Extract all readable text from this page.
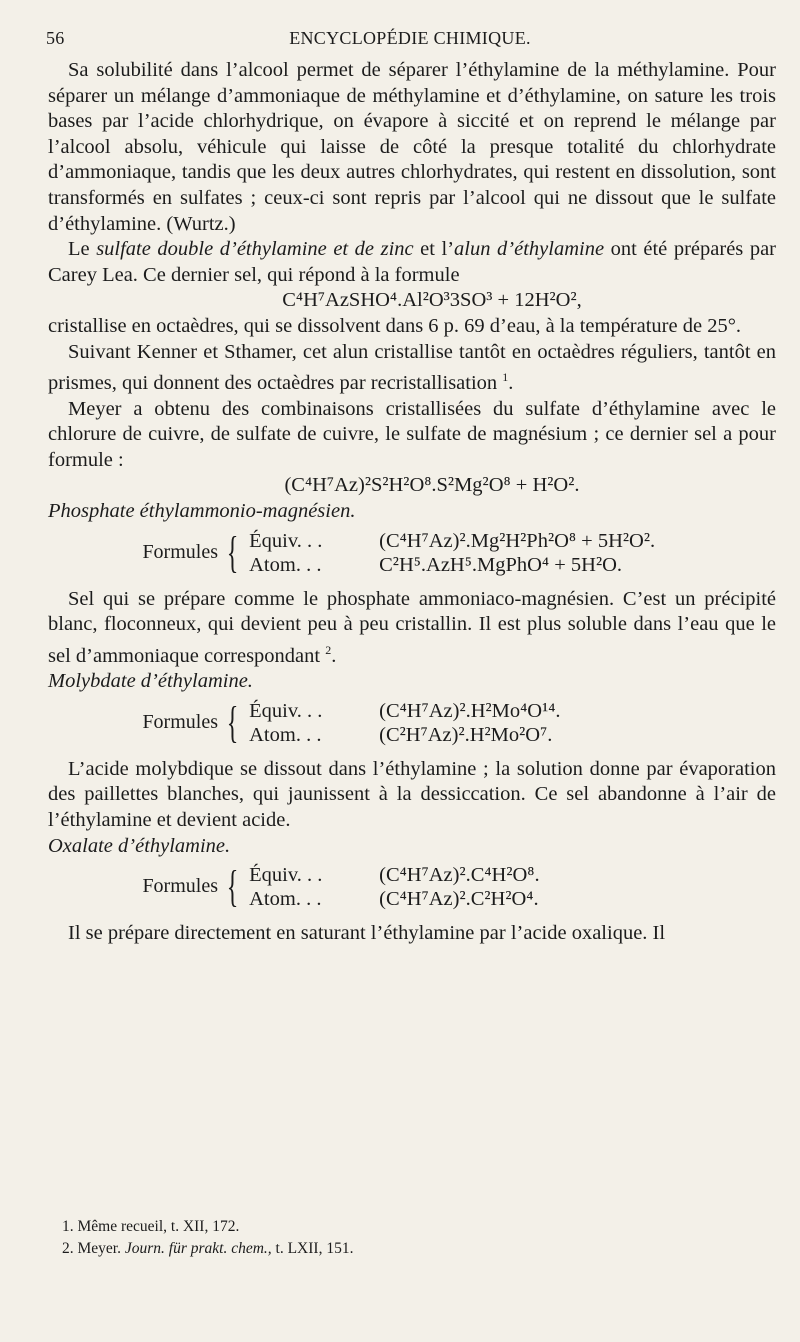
56	ENCYCLOPÉDIE CHIMIQUE.

Sa solubilité dans l’alcool permet de séparer l’éthylamine de la méthylamine. Pour séparer un mélange d’ammoniaque de méthylamine et d’éthylamine, on sature les trois bases par l’acide chlorhydrique, on évapore à siccité et on reprend le mélange par l’alcool absolu, véhicule qui laisse de côté la presque totalité du chlorhydrate d’ammoniaque, tandis que les deux autres chlorhydrates, qui restent en dissolution, sont transformés en sulfates ; ceux-ci sont repris par l’alcool qui ne dissout que le sulfate d’éthylamine. (Wurtz.)

Le sulfate double d’éthylamine et de zinc et l’alun d’éthylamine ont été préparés par Carey Lea. Ce dernier sel, qui répond à la formule

C⁴H⁷AzSHO⁴.Al²O³3SO³ + 12H²O²,

cristallise en octaèdres, qui se dissolvent dans 6 p. 69 d’eau, à la température de 25°.

Suivant Kenner et Sthamer, cet alun cristallise tantôt en octaèdres réguliers, tantôt en prismes, qui donnent des octaèdres par recristallisation $^1$.

Meyer a obtenu des combinaisons cristallisées du sulfate d’éthylamine avec le chlorure de cuivre, de sulfate de cuivre, le sulfate de magnésium ; ce dernier sel a pour formule :

(C⁴H⁷Az)²S²H²O⁸.S²Mg²O⁸ + H²O².

Phosphate éthylammonio-magnésien.

Formules { Équiv. . .	(C⁴H⁷Az)².Mg²H²Ph²O⁸ + 5H²O².
Atom. . .	C²H⁵.AzH⁵.MgPhO⁴ + 5H²O.

Sel qui se prépare comme le phosphate ammoniaco-magnésien. C’est un précipité blanc, floconneux, qui devient peu à peu cristallin. Il est plus soluble dans l’eau que le sel d’ammoniaque correspondant $^2$.

Molybdate d’éthylamine.

Formules { Équiv. . .	(C⁴H⁷Az)².H²Mo⁴O¹⁴.
Atom. . .	(C²H⁷Az)².H²Mo²O⁷.

L’acide molybdique se dissout dans l’éthylamine ; la solution donne par évaporation des paillettes blanches, qui jaunissent à la dessiccation. Ce sel abandonne à l’air de l’éthylamine et devient acide.

Oxalate d’éthylamine.

Formules { Équiv. . .	(C⁴H⁷Az)².C⁴H²O⁸.
Atom. . .	(C⁴H⁷Az)².C²H²O⁴.

Il se prépare directement en saturant l’éthylamine par l’acide oxalique. Il

1. Même recueil, t. XII, 172.

2. Meyer. Journ. für prakt. chem., t. LXII, 151.
